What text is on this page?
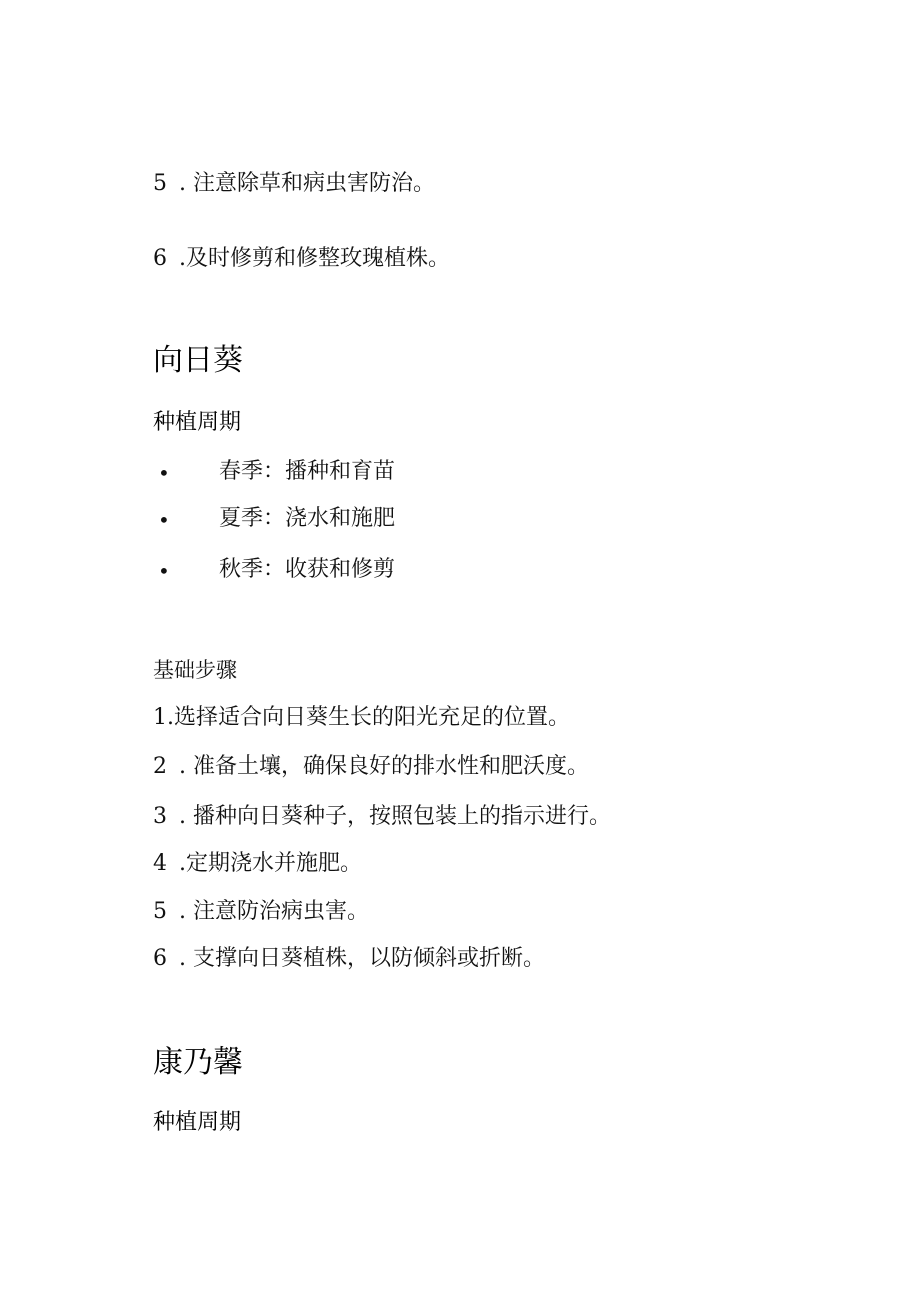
5 . 注意除草和病虫害防治。
6 .及时修剪和修整玫瑰植株。
向日葵
种植周期
• 春季：播种和育苗
• 夏季：浇水和施肥
• 秋季：收获和修剪
基础步骤
1.选择适合向日葵生长的阳光充足的位置。
2 . 准备土壤，确保良好的排水性和肥沃度。
3 . 播种向日葵种子，按照包装上的指示进行。
4 .定期浇水并施肥。
5 . 注意防治病虫害。
6 . 支撑向日葵植株，以防倾斜或折断。
康乃馨
种植周期
